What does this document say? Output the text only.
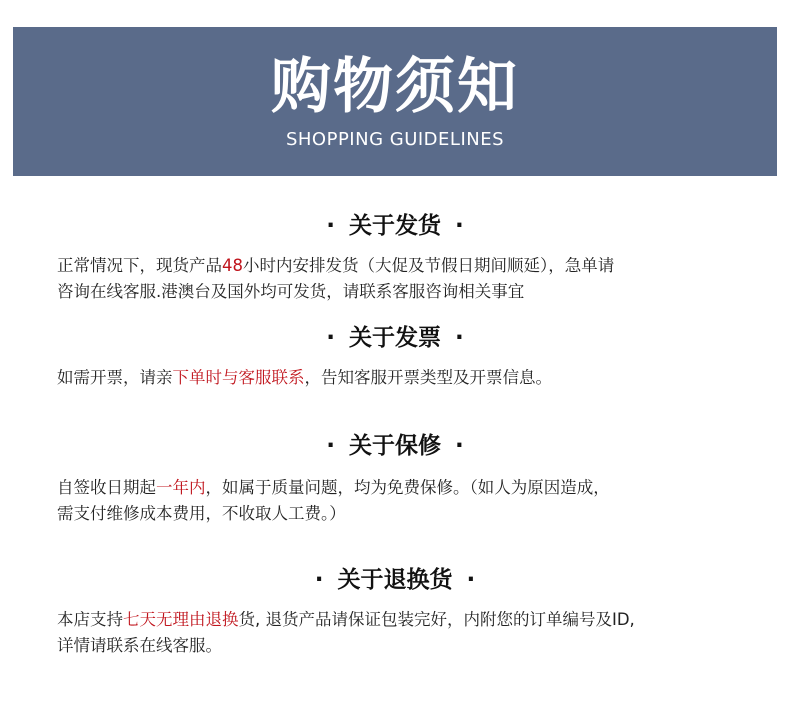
购物须知
SHOPPING GUIDELINES
· 关于发货 ·
正常情况下，现货产品48小时内安排发货（大促及节假日期间顺延），急单请
咨询在线客服.港澳台及国外均可发货，请联系客服咨询相关事宜
· 关于发票 ·
如需开票，请亲下单时与客服联系，告知客服开票类型及开票信息。
· 关于保修 ·
自签收日期起一年内，如属于质量问题，均为免费保修。（如人为原因造成，
需支付维修成本费用，不收取人工费。）
· 关于退换货 ·
本店支持七天无理由退换货, 退货产品请保证包装完好，内附您的订单编号及ID,
详情请联系在线客服。
